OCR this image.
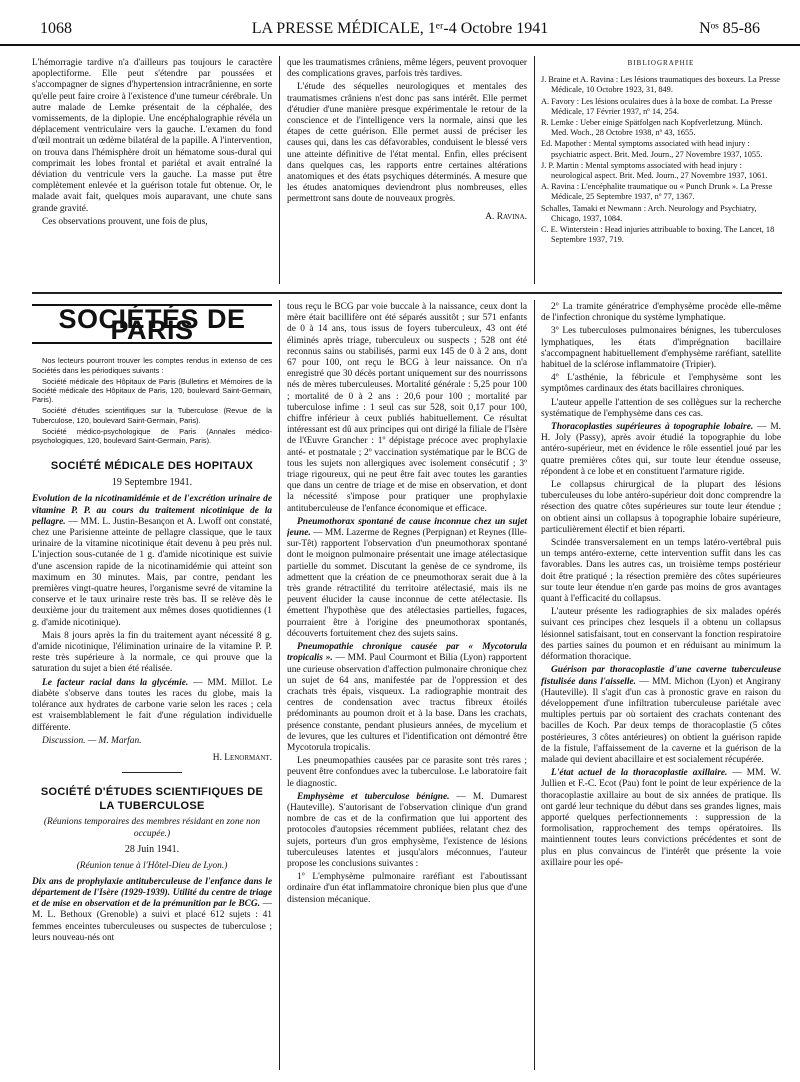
1068	LA PRESSE MÉDICALE, 1ᵉʳ-4 Octobre 1941	Nᵒˢ 85-86

L'hémorragie tardive n'a d'ailleurs pas toujours le caractère apoplectiforme. Elle peut s'étendre par poussées et s'accompagner de signes d'hypertension intracrânienne, en sorte qu'elle peut faire croire à l'existence d'une tumeur cérébrale. Un autre malade de Lemke présentait de la céphalée, des vomissements, de la diplopie. Une encéphalographie révéla un déplacement ventriculaire vers la gauche. L'examen du fond d'œil montrait un œdème bilatéral de la papille. A l'intervention, on trouva dans l'hémisphère droit un hématome sous-dural qui comprimait les lobes frontal et pariétal et avait entraîné la déviation du ventricule vers la gauche. La masse put être complètement enlevée et la guérison totale fut obtenue. Or, le malade avait fait, quelques mois auparavant, une chute sans grande gravité.

Ces observations prouvent, une fois de plus,

que les traumatismes crâniens, même légers, peuvent provoquer des complications graves, parfois très tardives.

L'étude des séquelles neurologiques et mentales des traumatismes crâniens n'est donc pas sans intérêt. Elle permet d'étudier d'une manière presque expérimentale le retour de la conscience et de l'intelligence vers la normale, ainsi que les étapes de cette guérison. Elle permet aussi de préciser les causes qui, dans les cas défavorables, conduisent le blessé vers une atteinte définitive de l'état mental. Enfin, elles précisent dans quelques cas, les rapports entre certaines altérations anatomiques et des états psychiques déterminés. A mesure que les études anatomiques deviendront plus nombreuses, elles permettront sans doute de nouveaux progrès.

A. Ravina.
BIBLIOGRAPHIE

J. Braine et A. Ravina : Les lésions traumatiques des boxeurs. La Presse Médicale, 10 Octobre 1923, 31, 849.

A. Favory : Les lésions oculaires dues à la boxe de combat. La Presse Médicale, 17 Février 1937, nº 14, 254.

R. Lemke : Ueber einige Spätfolgen nach Kopfverletzung. Münch. Med. Woch., 28 Octobre 1938, nº 43, 1655.

Ed. Mapother : Mental symptoms associated with head injury : psychiatric aspect. Brit. Med. Journ., 27 Novembre 1937, 1055.

J. P. Martin : Mental symptoms associated with head injury : neurological aspect. Brit. Med. Journ., 27 Novembre 1937, 1061.

A. Ravina : L'encéphalite traumatique ou « Punch Drunk ». La Presse Médicale, 25 Septembre 1937, nº 77, 1367.

Schalles, Tamaki et Newmann : Arch. Neurology and Psychiatry, Chicago, 1937, 1084.

C. E. Winterstein : Head injuries attribuable to boxing. The Lancet, 18 Septembre 1937, 719.

SOCIÉTÉS DE PARIS

Nos lecteurs pourront trouver les comptes rendus in extenso de ces Sociétés dans les périodiques suivants :

Société médicale des Hôpitaux de Paris (Bulletins et Mémoires de la Société médicale des Hôpitaux de Paris, 120, boulevard Saint-Germain, Paris).

Société d'études scientifiques sur la Tuberculose (Revue de la Tuberculose, 120, boulevard Saint-Germain, Paris).

Société médico-psychologique de Paris (Annales médico-psychologiques, 120, boulevard Saint-Germain, Paris).

SOCIÉTÉ MÉDICALE DES HOPITAUX
19 Septembre 1941.

Evolution de la nicotinamidémie et de l'excrétion urinaire de vitamine P. P. au cours du traitement nicotinique de la pellagre. — MM. L. Justin-Besançon et A. Lwoff ont constaté, chez une Parisienne atteinte de pellagre classique, que le taux urinaire de la vitamine nicotinique était devenu à peu près nul. L'injection sous-cutanée de 1 g. d'amide nicotinique est suivie d'une ascension rapide de la nicotinamidémie qui atteint son maximum en 30 minutes. Mais, par contre, pendant les premières vingt-quatre heures, l'organisme sevré de vitamine la conserve et le taux urinaire reste très bas. Il se relève dès le deuxième jour du traitement aux mêmes doses quotidiennes (1 g. d'amide nicotinique).

Mais 8 jours après la fin du traitement ayant nécessité 8 g. d'amide nicotinique, l'élimination urinaire de la vitamine P. P. reste très supérieure à la normale, ce qui prouve que la saturation du sujet a bien été réalisée.

Le facteur racial dans la glycémie. — MM. Millot. Le diabète s'observe dans toutes les races du globe, mais la tolérance aux hydrates de carbone varie selon les races ; cela est vraisemblablement le fait d'une régulation individuelle différente.

Discussion. — M. Marfan.

H. Lenormant.
SOCIÉTÉ D'ÉTUDES SCIENTIFIQUES DE LA TUBERCULOSE
(Réunions temporaires des membres résidant en zone non occupée.)
28 Juin 1941.
(Réunion tenue à l'Hôtel-Dieu de Lyon.)

Dix ans de prophylaxie antituberculeuse de l'enfance dans le département de l'Isère (1929-1939). Utilité du centre de triage et de mise en observation et de la prémunition par le BCG. — M. L. Bethoux (Grenoble) a suivi et placé 612 sujets : 41 femmes enceintes tuberculeuses ou suspectes de tuberculose ; leurs nouveau-nés ont

tous reçu le BCG par voie buccale à la naissance, ceux dont la mère était bacillifère ont été séparés aussitôt ; sur 571 enfants de 0 à 14 ans, tous issus de foyers tuberculeux, 43 ont été éliminés après triage, tuberculeux ou suspects ; 528 ont été reconnus sains ou stabilisés, parmi eux 145 de 0 à 2 ans, dont 67 pour 100, ont reçu le BCG à leur naissance. On n'a enregistré que 30 décès portant uniquement sur des nourrissons nés de mères tuberculeuses. Mortalité générale : 5,25 pour 100 ; mortalité de 0 à 2 ans : 20,6 pour 100 ; mortalité par tuberculose infime : 1 seul cas sur 528, soit 0,17 pour 100, chiffre inférieur à ceux publiés habituellement. Ce résultat intéressant est dû aux principes qui ont dirigé la filiale de l'Isère de l'Œuvre Grancher : 1º dépistage précoce avec prophylaxie anté- et postnatale ; 2º vaccination systématique par le BCG de tous les sujets non allergiques avec isolement consécutif ; 3º triage rigoureux, qui ne peut être fait avec toutes les garanties que dans un centre de triage et de mise en observation, et dont la nécessité s'impose pour pratiquer une prophylaxie antituberculeuse de l'enfance économique et efficace.

Pneumothorax spontané de cause inconnue chez un sujet jeune. — MM. Lazerme de Regnes (Perpignan) et Reynes (Ille-sur-Têt) rapportent l'observation d'un pneumothorax spontané dont le moignon pulmonaire présentait une image atélectasique partielle du sommet. Discutant la genèse de ce syndrome, ils admettent que la création de ce pneumothorax serait due à la très grande rétractilité du territoire atélectasié, mais ils ne peuvent élucider la cause inconnue de cette atélectasie. Ils émettent l'hypothèse que des atélectasies partielles, fugaces, pourraient être à l'origine des pneumothorax spontanés, découverts fortuitement chez des sujets sains.

Pneumopathie chronique causée par « Mycotorula tropicalis ». — MM. Paul Courmont et Bilia (Lyon) rapportent une curieuse observation d'affection pulmonaire chronique chez un sujet de 64 ans, manifestée par de l'oppression et des crachats très épais, visqueux. La radiographie montrait des centres de condensation avec tractus fibreux étoilés prédominants au poumon droit et à la base. Dans les crachats, présence constante, pendant plusieurs années, de mycelium et de levures, que les cultures et l'identification ont démontré être Mycotorula tropicalis.

Les pneumopathies causées par ce parasite sont très rares ; peuvent être confondues avec la tuberculose. Le laboratoire fait le diagnostic.

Emphysème et tuberculose bénigne. — M. Dumarest (Hauteville). S'autorisant de l'observation clinique d'un grand nombre de cas et de la confirmation que lui apportent des protocoles d'autopsies récemment publiées, relatant chez des sujets, porteurs d'un gros emphysème, l'existence de lésions tuberculeuses latentes et jusqu'alors méconnues, l'auteur propose les conclusions suivantes :

1º L'emphysème pulmonaire raréfiant est l'aboutissant ordinaire d'un état inflammatoire chronique bien plus que d'une distension mécanique.

2º La tramite génératrice d'emphysème procède elle-même de l'infection chronique du système lymphatique.

3º Les tuberculoses pulmonaires bénignes, les tuberculoses lymphatiques, les états d'imprégnation bacillaire s'accompagnent habituellement d'emphysème raréfiant, satellite habituel de la sclérose inflammatoire (Tripier).

4º L'asthénie, la fébricule et l'emphysème sont les symptômes cardinaux des états bacillaires chroniques.

L'auteur appelle l'attention de ses collègues sur la recherche systématique de l'emphysème dans ces cas.

Thoracoplasties supérieures à topographie lobaire. — M. H. Joly (Passy), après avoir étudié la topographie du lobe antéro-supérieur, met en évidence le rôle essentiel joué par les quatre premières côtes qui, sur toute leur étendue osseuse, répondent à ce lobe et en constituent l'armature rigide.

Le collapsus chirurgical de la plupart des lésions tuberculeuses du lobe antéro-supérieur doit donc comprendre la résection des quatre côtes supérieures sur toute leur étendue ; on obtient ainsi un collapsus à topographie lobaire supérieure, particulièrement électif et bien réparti.

Scindée transversalement en un temps latéro-vertébral puis un temps antéro-externe, cette intervention suffit dans les cas favorables. Dans les autres cas, un troisième temps postérieur doit être pratiqué ; la résection première des côtes supérieures sur toute leur étendue n'en garde pas moins de gros avantages quant à l'efficacité du collapsus.

L'auteur présente les radiographies de six malades opérés suivant ces principes chez lesquels il a obtenu un collapsus lésionnel satisfaisant, tout en conservant la fonction respiratoire des parties saines du poumon et en réduisant au minimum la déformation thoracique.

Guérison par thoracoplastie d'une caverne tuberculeuse fistulisée dans l'aisselle. — MM. Michon (Lyon) et Angirany (Hauteville). Il s'agit d'un cas à pronostic grave en raison du développement d'une infiltration tuberculeuse pariétale avec multiples pertuis par où sortaient des crachats contenant des bacilles de Koch. Par deux temps de thoracoplastie (5 côtes postérieures, 3 côtes antérieures) on obtient la guérison rapide de la fistule, l'affaissement de la caverne et la guérison de la malade qui devient abacillaire et est socialement récupérée.

L'état actuel de la thoracoplastie axillaire. — MM. W. Jullien et F.-C. Ecot (Pau) font le point de leur expérience de la thoracoplastie axillaire au bout de six années de pratique. Ils ont gardé leur technique du début dans ses grandes lignes, mais apporté quelques perfectionnements : suppression de la formolisation, rapprochement des temps opératoires. Ils maintiennent toutes leurs convictions précédentes et sont de plus en plus convaincus de l'intérêt que présente la voie axillaire pour les opé-
